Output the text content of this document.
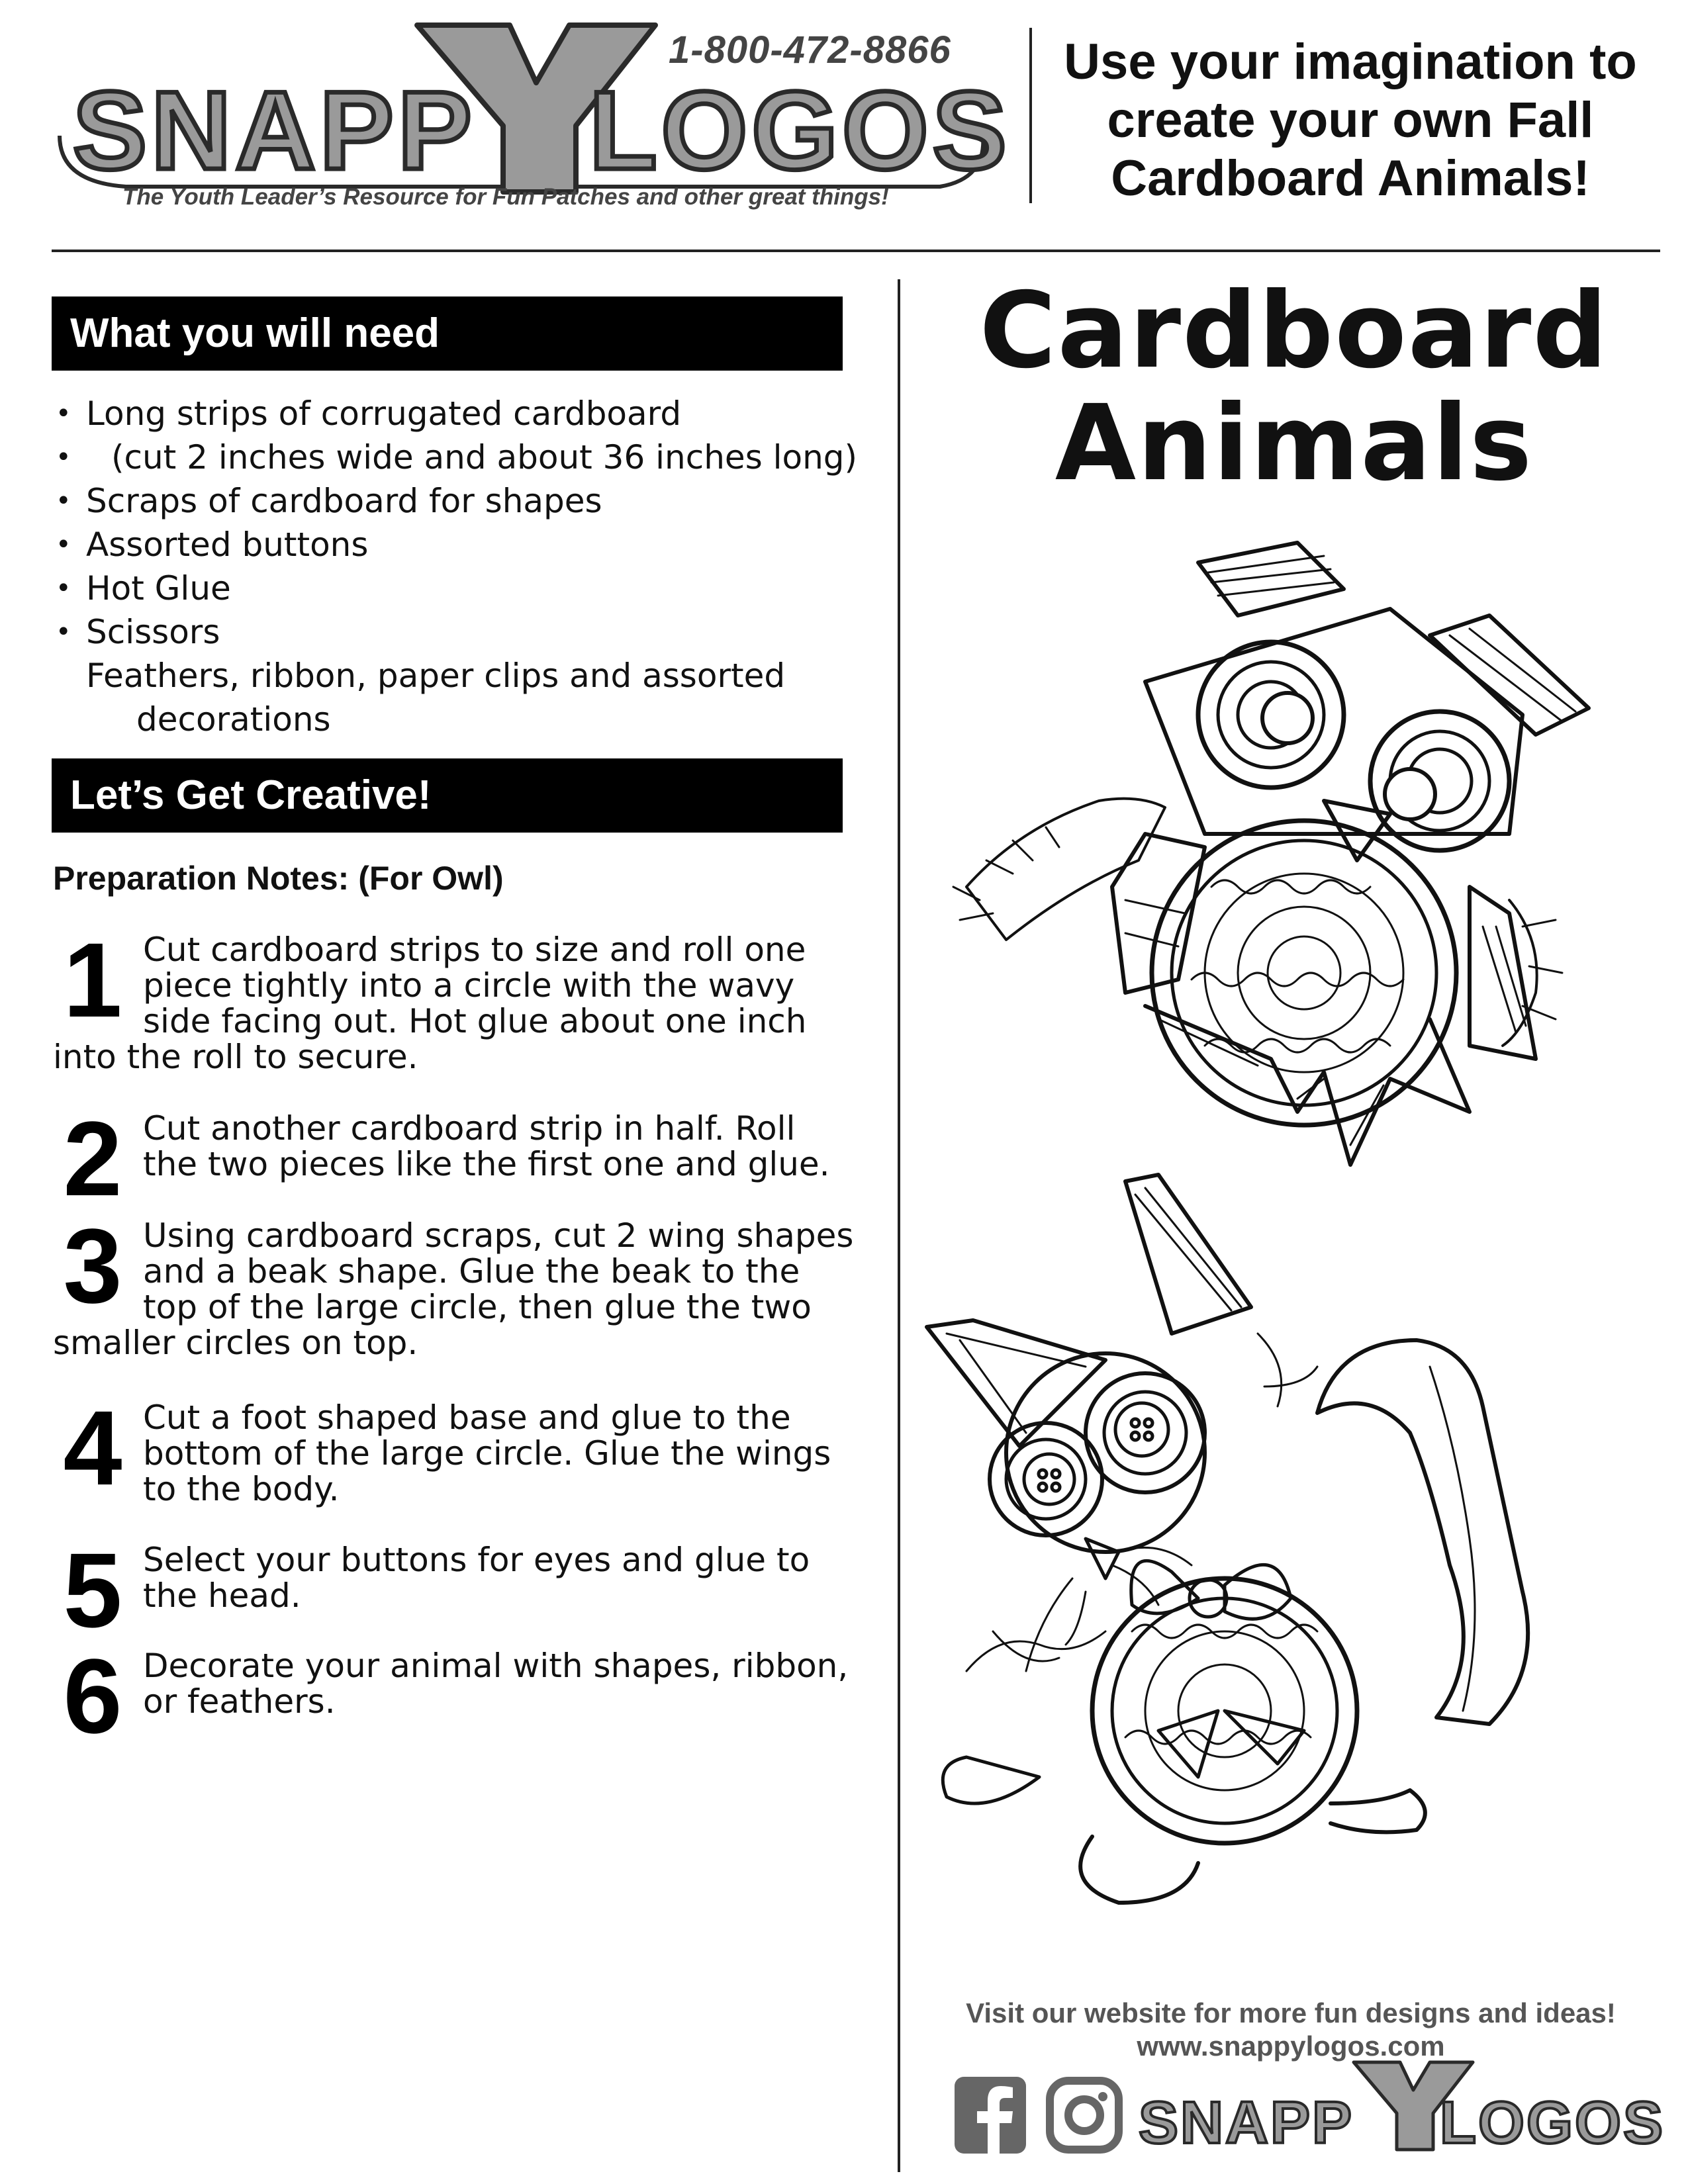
SNAPP LOGOS
1-800-472-8866
The Youth Leader’s Resource for Fun Patches and other great things!
Use your imagination to
create your own Fall
Cardboard Animals!
What you will need
• Long strips of corrugated cardboard
• (cut 2 inches wide and about 36 inches long)
• Scraps of cardboard for shapes
• Assorted buttons
• Hot Glue
• Scissors
Feathers, ribbon, paper clips and assorted
decorations
Let’s Get Creative!
Preparation Notes: (For Owl)
1 Cut cardboard strips to size and roll one piece tightly into a circle with the wavy side facing out. Hot glue about one inch into the roll to secure.
2 Cut another cardboard strip in half. Roll the two pieces like the first one and glue.
3 Using cardboard scraps, cut 2 wing shapes and a beak shape. Glue the beak to the top of the large circle, then glue the two smaller circles on top.
4 Cut a foot shaped base and glue to the bottom of the large circle. Glue the wings to the body.
5 Select your buttons for eyes and glue to the head.
6 Decorate your animal with shapes, ribbon, or feathers.
Cardboard
Animals
Visit our website for more fun designs and ideas!
www.snappylogos.com
SNAPP LOGOS
